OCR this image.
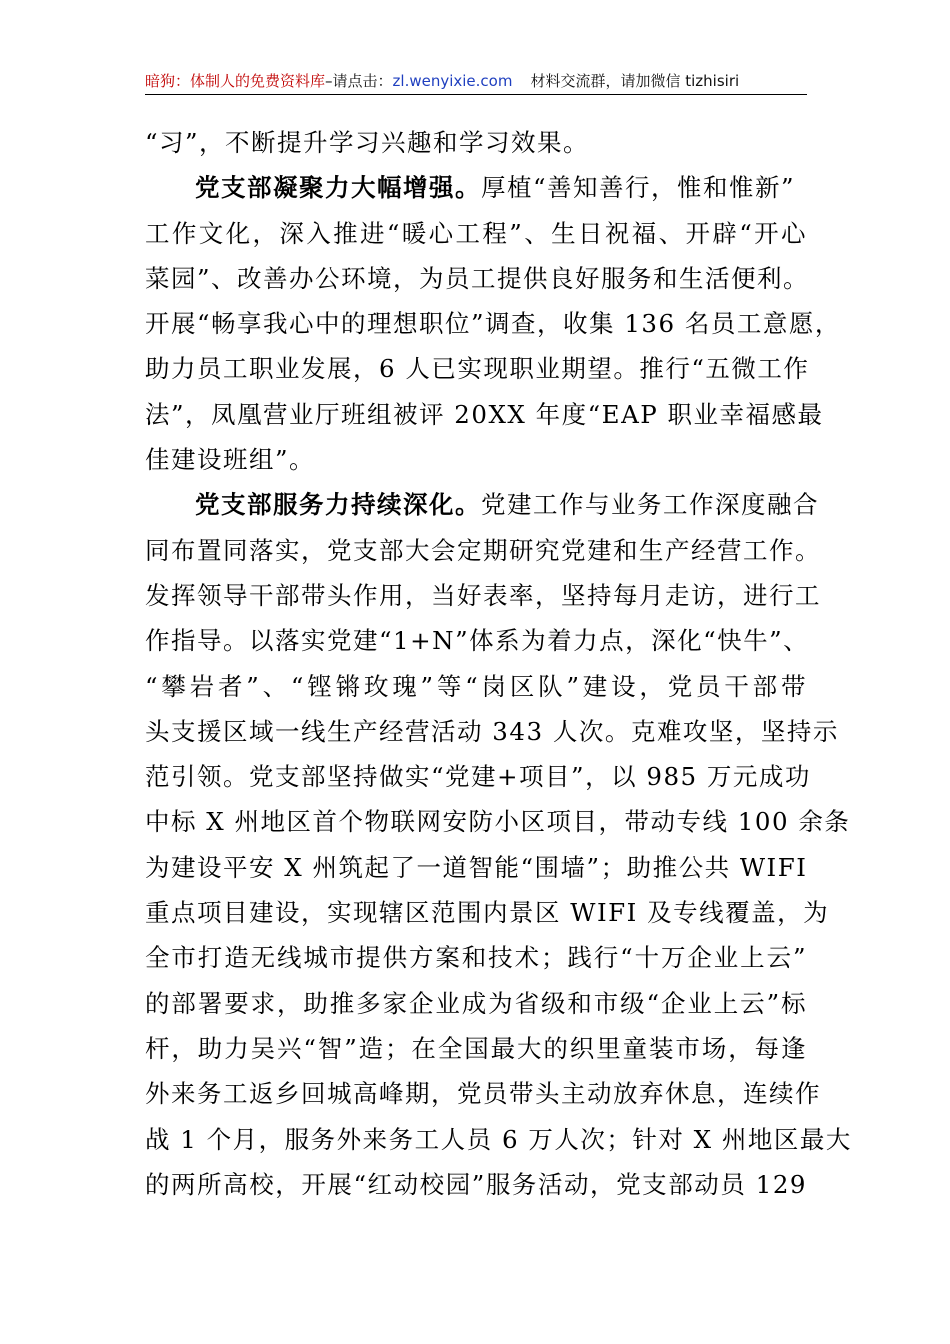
暗狗：体制人的免费资料库–请点击：zl.wenyixie.com 材料交流群，请加微信 tizhisiri
“习”，不断提升学习兴趣和学习效果。
党支部凝聚力大幅增强。厚植“善知善行，惟和惟新”
工作文化，深入推进“暖心工程”、生日祝福、开辟“开心
菜园”、改善办公环境，为员工提供良好服务和生活便利。
开展“畅享我心中的理想职位”调查，收集 136 名员工意愿，
助力员工职业发展，6 人已实现职业期望。推行“五微工作
法”，凤凰营业厅班组被评 20XX 年度“EAP 职业幸福感最
佳建设班组”。
党支部服务力持续深化。党建工作与业务工作深度融合
同布置同落实，党支部大会定期研究党建和生产经营工作。
发挥领导干部带头作用，当好表率，坚持每月走访，进行工
作指导。以落实党建“1+N”体系为着力点，深化“快牛”、
“攀岩者”、“铿锵玫瑰”等“岗区队”建设，党员干部带
头支援区域一线生产经营活动 343 人次。克难攻坚，坚持示
范引领。党支部坚持做实“党建+项目”，以 985 万元成功
中标 X 州地区首个物联网安防小区项目，带动专线 100 余条
为建设平安 X 州筑起了一道智能“围墙”；助推公共 WIFI
重点项目建设，实现辖区范围内景区 WIFI 及专线覆盖，为
全市打造无线城市提供方案和技术；践行“十万企业上云”
的部署要求，助推多家企业成为省级和市级“企业上云”标
杆，助力吴兴“智”造；在全国最大的织里童装市场，每逢
外来务工返乡回城高峰期，党员带头主动放弃休息，连续作
战 1 个月，服务外来务工人员 6 万人次；针对 X 州地区最大
的两所高校，开展“红动校园”服务活动，党支部动员 129
